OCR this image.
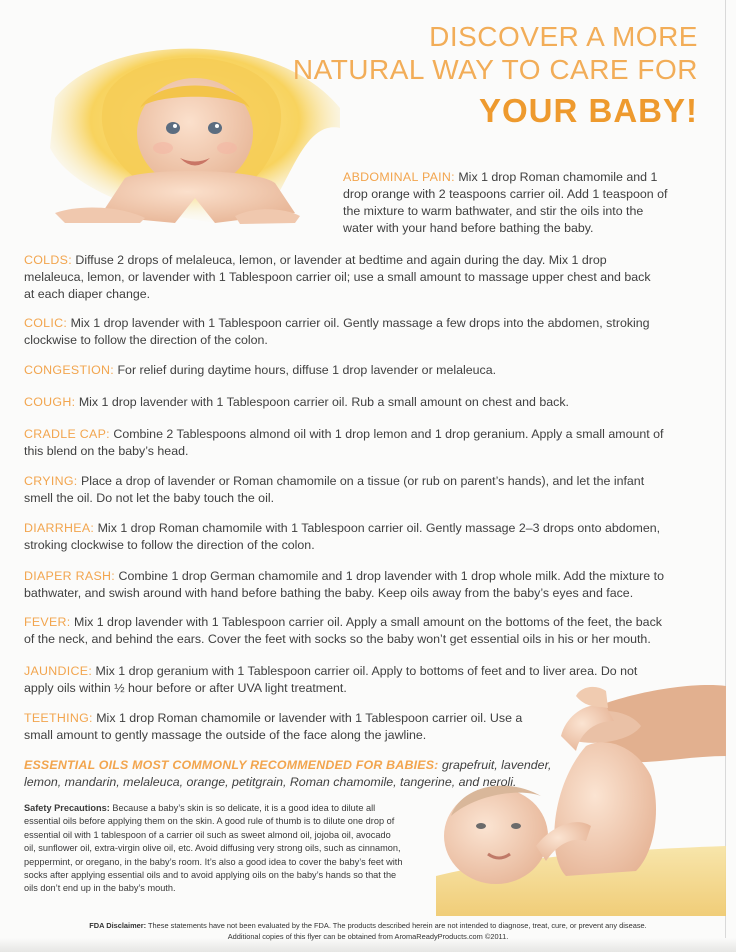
DISCOVER A MORE
NATURAL WAY TO CARE FOR
YOUR BABY!
ABDOMINAL PAIN: Mix 1 drop Roman chamomile and 1 drop orange with 2 teaspoons carrier oil. Add 1 teaspoon of the mixture to warm bathwater, and stir the oils into the water with your hand before bathing the baby.
COLDS: Diffuse 2 drops of melaleuca, lemon, or lavender at bedtime and again during the day. Mix 1 drop melaleuca, lemon, or lavender with 1 Tablespoon carrier oil; use a small amount to massage upper chest and back at each diaper change.
COLIC: Mix 1 drop lavender with 1 Tablespoon carrier oil. Gently massage a few drops into the abdomen, stroking clockwise to follow the direction of the colon.
CONGESTION: For relief during daytime hours, diffuse 1 drop lavender or melaleuca.
COUGH: Mix 1 drop lavender with 1 Tablespoon carrier oil. Rub a small amount on chest and back.
CRADLE CAP: Combine 2 Tablespoons almond oil with 1 drop lemon and 1 drop geranium. Apply a small amount of this blend on the baby’s head.
CRYING: Place a drop of lavender or Roman chamomile on a tissue (or rub on parent’s hands), and let the infant smell the oil. Do not let the baby touch the oil.
DIARRHEA: Mix 1 drop Roman chamomile with 1 Tablespoon carrier oil. Gently massage 2–3 drops onto abdomen, stroking clockwise to follow the direction of the colon.
DIAPER RASH: Combine 1 drop German chamomile and 1 drop lavender with 1 drop whole milk. Add the mixture to bathwater, and swish around with hand before bathing the baby. Keep oils away from the baby’s eyes and face.
FEVER: Mix 1 drop lavender with 1 Tablespoon carrier oil. Apply a small amount on the bottoms of the feet, the back of the neck, and behind the ears. Cover the feet with socks so the baby won’t get essential oils in his or her mouth.
JAUNDICE: Mix 1 drop geranium with 1 Tablespoon carrier oil. Apply to bottoms of feet and to liver area. Do not apply oils within ½ hour before or after UVA light treatment.
TEETHING: Mix 1 drop Roman chamomile or lavender with 1 Tablespoon carrier oil. Use a small amount to gently massage the outside of the face along the jawline.
ESSENTIAL OILS MOST COMMONLY RECOMMENDED FOR BABIES: grapefruit, lavender, lemon, mandarin, melaleuca, orange, petitgrain, Roman chamomile, tangerine, and neroli.
Safety Precautions: Because a baby’s skin is so delicate, it is a good idea to dilute all essential oils before applying them on the skin. A good rule of thumb is to dilute one drop of essential oil with 1 tablespoon of a carrier oil such as sweet almond oil, jojoba oil, avocado oil, sunflower oil, extra-virgin olive oil, etc. Avoid diffusing very strong oils, such as cinnamon, peppermint, or oregano, in the baby’s room. It’s also a good idea to cover the baby’s feet with socks after applying essential oils and to avoid applying oils on the baby’s hands so that the oils don’t end up in the baby’s mouth.
FDA Disclaimer: These statements have not been evaluated by the FDA. The products described herein are not intended to diagnose, treat, cure, or prevent any disease.
Additional copies of this flyer can be obtained from AromaReadyProducts.com ©2011.
